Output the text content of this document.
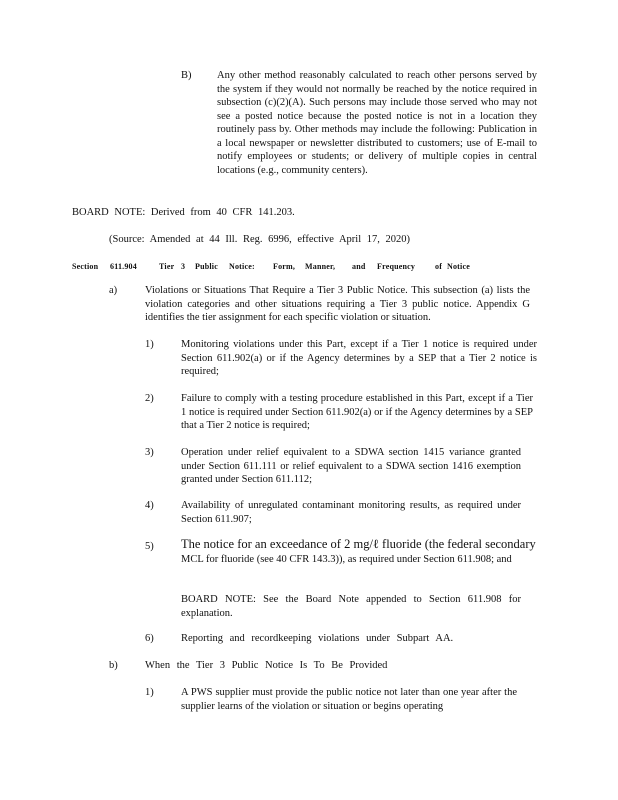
B) Any other method reasonably calculated to reach other persons served by the system if they would not normally be reached by the notice required in subsection (c)(2)(A). Such persons may include those served who may not see a posted notice because the posted notice is not in a location they routinely pass by. Other methods may include the following: Publication in a local newspaper or newsletter distributed to customers; use of E-mail to notify employees or students; or delivery of multiple copies in central locations (e.g., community centers).

BOARD NOTE: Derived from 40 CFR 141.203.

(Source: Amended at 44 Ill. Reg. 6996, effective April 17, 2020)

Section 611.904	Tier 3 Public Notice: Form, Manner, and Frequency of Notice
a)	Violations or Situations That Require a Tier 3 Public Notice. This subsection (a) lists the violation categories and other situations requiring a Tier 3 public notice. Appendix G identifies the tier assignment for each specific violation or situation.

1)	Monitoring violations under this Part, except if a Tier 1 notice is required under Section 611.902(a) or if the Agency determines by a SEP that a Tier 2 notice is required;

2)	Failure to comply with a testing procedure established in this Part, except if a Tier 1 notice is required under Section 611.902(a) or if the Agency determines by a SEP that a Tier 2 notice is required;

3)	Operation under relief equivalent to a SDWA section 1415 variance granted under Section 611.111 or relief equivalent to a SDWA section 1416 exemption granted under Section 611.112;

4)	Availability of unregulated contaminant monitoring results, as required under Section 611.907;

5) The notice for an exceedance of 2 mg/ℓ fluoride (the federal secondary

MCL for fluoride (see 40 CFR 143.3)), as required under Section 611.908; and

BOARD NOTE: See the Board Note appended to Section 611.908 for explanation.

6)	Reporting and recordkeeping violations under Subpart AA.

b)	When the Tier 3 Public Notice Is To Be Provided

1)	A PWS supplier must provide the public notice not later than one year after the supplier learns of the violation or situation or begins operating
